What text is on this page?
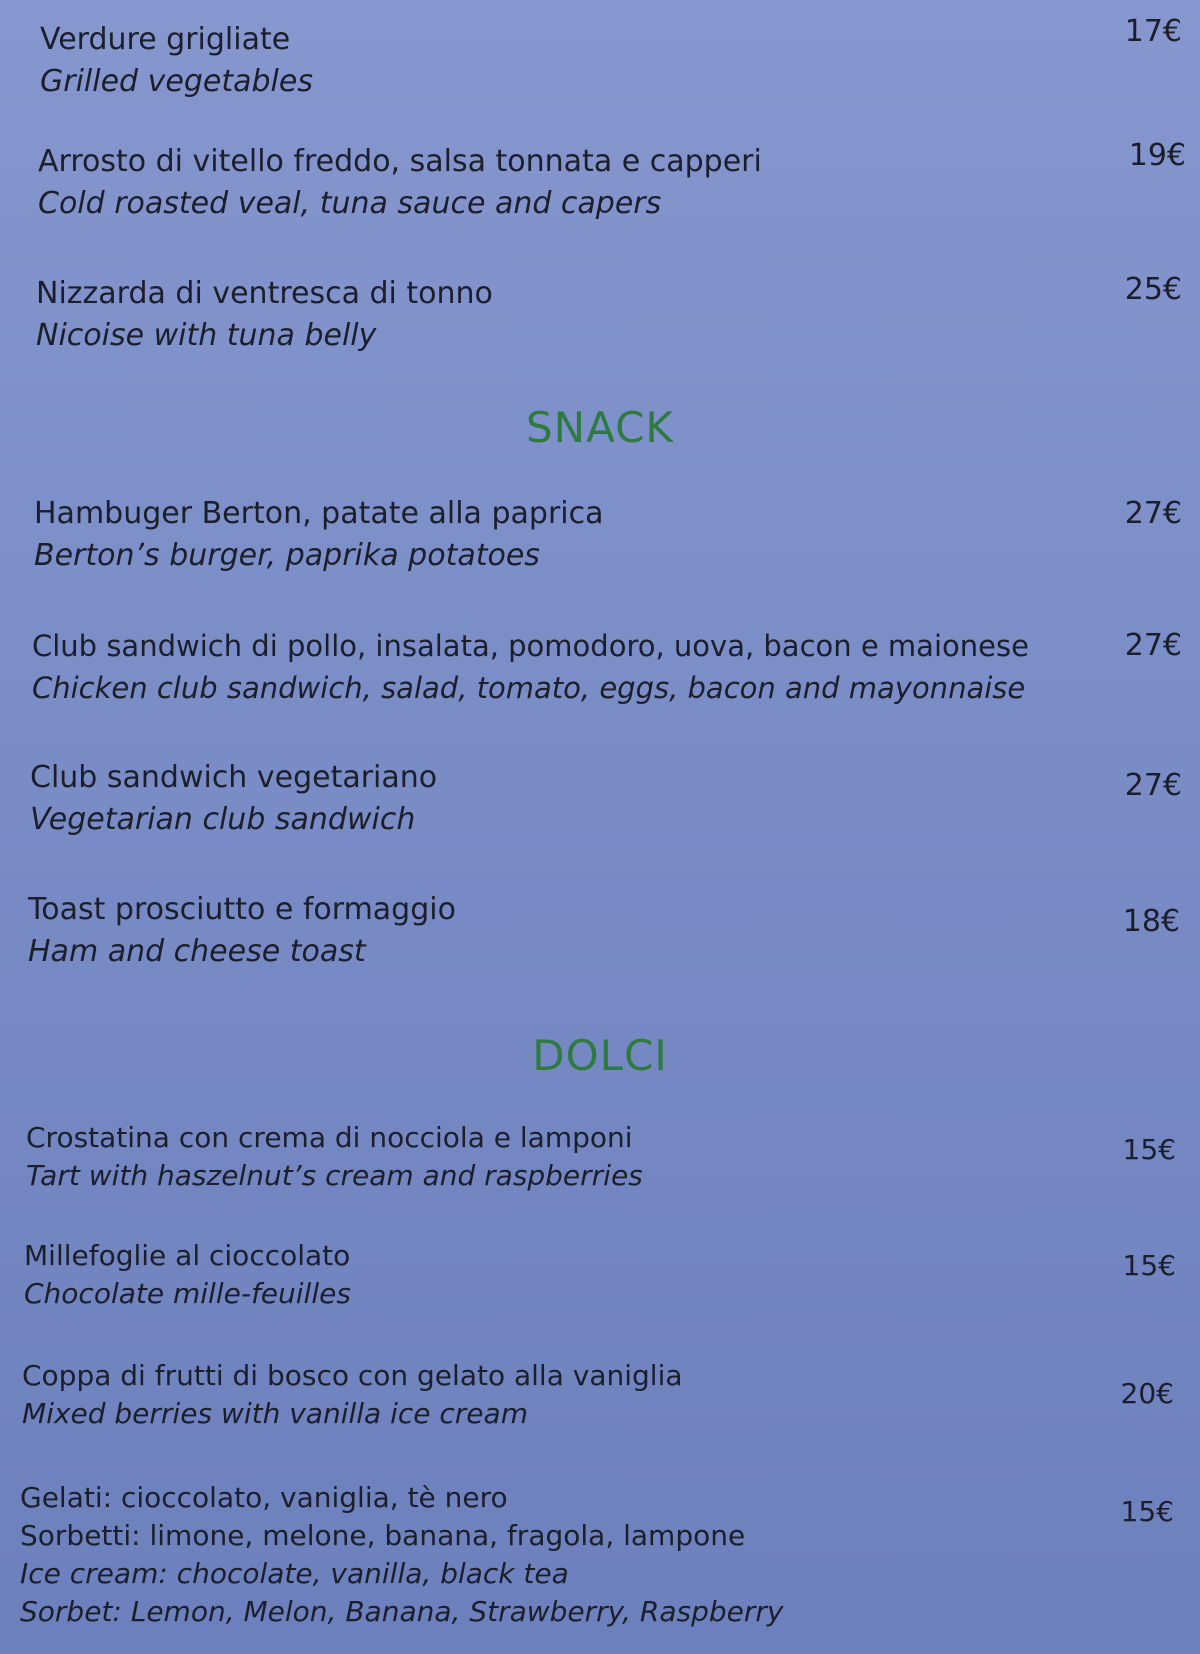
Verdure grigliate
Grilled vegetables
17€
Arrosto di vitello freddo, salsa tonnata e capperi
Cold roasted veal, tuna sauce and capers
19€
Nizzarda di ventresca di tonno
Nicoise with tuna belly
25€
SNACK
Hambuger Berton, patate alla paprica
Berton’s burger, paprika potatoes
27€
Club sandwich di pollo, insalata, pomodoro, uova, bacon e maionese
Chicken club sandwich, salad, tomato, eggs, bacon and mayonnaise
27€
Club sandwich vegetariano
Vegetarian club sandwich
27€
Toast prosciutto e formaggio
Ham and cheese toast
18€
DOLCI
Crostatina con crema di nocciola e lamponi
Tart with haszelnut’s cream and raspberries
15€
Millefoglie al cioccolato
Chocolate mille-feuilles
15€
Coppa di frutti di bosco con gelato alla vaniglia
Mixed berries with vanilla ice cream
20€
Gelati: cioccolato, vaniglia, tè nero
Sorbetti: limone, melone, banana, fragola, lampone
Ice cream: chocolate, vanilla, black tea
Sorbet: Lemon, Melon, Banana, Strawberry, Raspberry
15€
